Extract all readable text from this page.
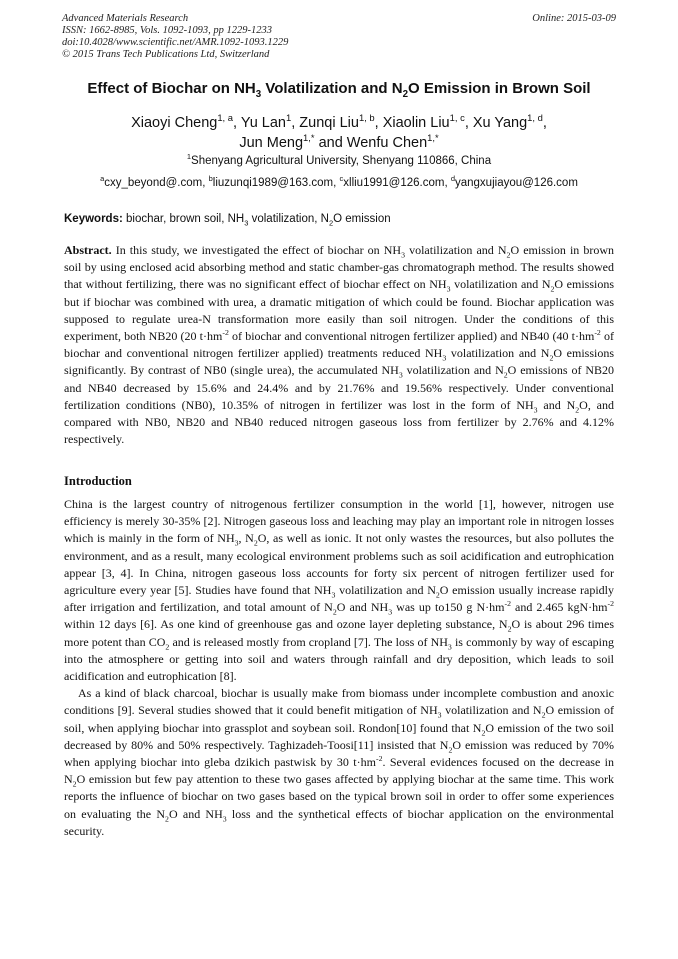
Advanced Materials Research
ISSN: 1662-8985, Vols. 1092-1093, pp 1229-1233
doi:10.4028/www.scientific.net/AMR.1092-1093.1229
© 2015 Trans Tech Publications Ltd, Switzerland
Online: 2015-03-09
Effect of Biochar on $NH_3$ Volatilization and $N_2O$ Emission in Brown Soil
Xiaoyi Cheng$^{1, a}$, Yu Lan$^1$, Zunqi Liu$^{1, b}$, Xiaolin Liu$^{1, c}$, Xu Yang$^{1, d}$,
Jun Meng$^{1,*}$ and Wenfu Chen$^{1,*}$
$^1$Shenyang Agricultural University, Shenyang 110866, China
$^a$cxy_beyond@.com, $^b$liuzunqi1989@163.com, $^c$xlliu1991@126.com, $^d$yangxujiayou@126.com
Keywords: biochar, brown soil, $NH_3$ volatilization, $N_2O$ emission
Abstract. In this study, we investigated the effect of biochar on $NH_3$ volatilization and $N_2O$ emission in brown soil by using enclosed acid absorbing method and static chamber-gas chromatograph method. The results showed that without fertilizing, there was no significant effect of biochar effect on $NH_3$ volatilization and $N_2O$ emissions but if biochar was combined with urea, a dramatic mitigation of which could be found. Biochar application was supposed to regulate urea-N transformation more easily than soil nitrogen. Under the conditions of this experiment, both NB20 (20 $t\cdot hm^{-2}$ of biochar and conventional nitrogen fertilizer applied) and NB40 (40 $t\cdot hm^{-2}$ of biochar and conventional nitrogen fertilizer applied) treatments reduced $NH_3$ volatilization and $N_2O$ emissions significantly. By contrast of NB0 (single urea), the accumulated $NH_3$ volatilization and $N_2O$ emissions of NB20 and NB40 decreased by 15.6% and 24.4% and by 21.76% and 19.56% respectively. Under conventional fertilization conditions (NB0), 10.35% of nitrogen in fertilizer was lost in the form of $NH_3$ and $N_2O$, and compared with NB0, NB20 and NB40 reduced nitrogen gaseous loss from fertilizer by 2.76% and 4.12% respectively.
Introduction

China is the largest country of nitrogenous fertilizer consumption in the world [1], however, nitrogen use efficiency is merely 30-35% [2]. Nitrogen gaseous loss and leaching may play an important role in nitrogen losses which is mainly in the form of $NH_3$, $N_2O$, as well as ionic. It not only wastes the resources, but also pollutes the environment, and as a result, many ecological environment problems such as soil acidification and eutrophication appear [3, 4]. In China, nitrogen gaseous loss accounts for forty six percent of nitrogen fertilizer used for agriculture every year [5]. Studies have found that $NH_3$ volatilization and $N_2O$ emission usually increase rapidly after irrigation and fertilization, and total amount of $N_2O$ and $NH_3$ was up to150 g $N\cdot hm^{-2}$ and 2.465 $kgN\cdot hm^{-2}$ within 12 days [6]. As one kind of greenhouse gas and ozone layer depleting substance, $N_2O$ is about 296 times more potent than $CO_2$ and is released mostly from cropland [7]. The loss of $NH_3$ is commonly by way of escaping into the atmosphere or getting into soil and waters through rainfall and dry deposition, which leads to soil acidification and eutrophication [8].

As a kind of black charcoal, biochar is usually make from biomass under incomplete combustion and anoxic conditions [9]. Several studies showed that it could benefit mitigation of $NH_3$ volatilization and $N_2O$ emission of soil, when applying biochar into grassplot and soybean soil. Rondon[10] found that $N_2O$ emission of the two soil decreased by 80% and 50% respectively. Taghizadeh-Toosi[11] insisted that $N_2O$ emission was reduced by 70% when applying biochar into gleba dzikich pastwisk by 30 $t\cdot hm^{-2}$. Several evidences focused on the decrease in $N_2O$ emission but few pay attention to these two gases affected by applying biochar at the same time. This work reports the influence of biochar on two gases based on the typical brown soil in order to offer some experiences on evaluating the $N_2O$ and $NH_3$ loss and the synthetical effects of biochar application on the environmental security.
